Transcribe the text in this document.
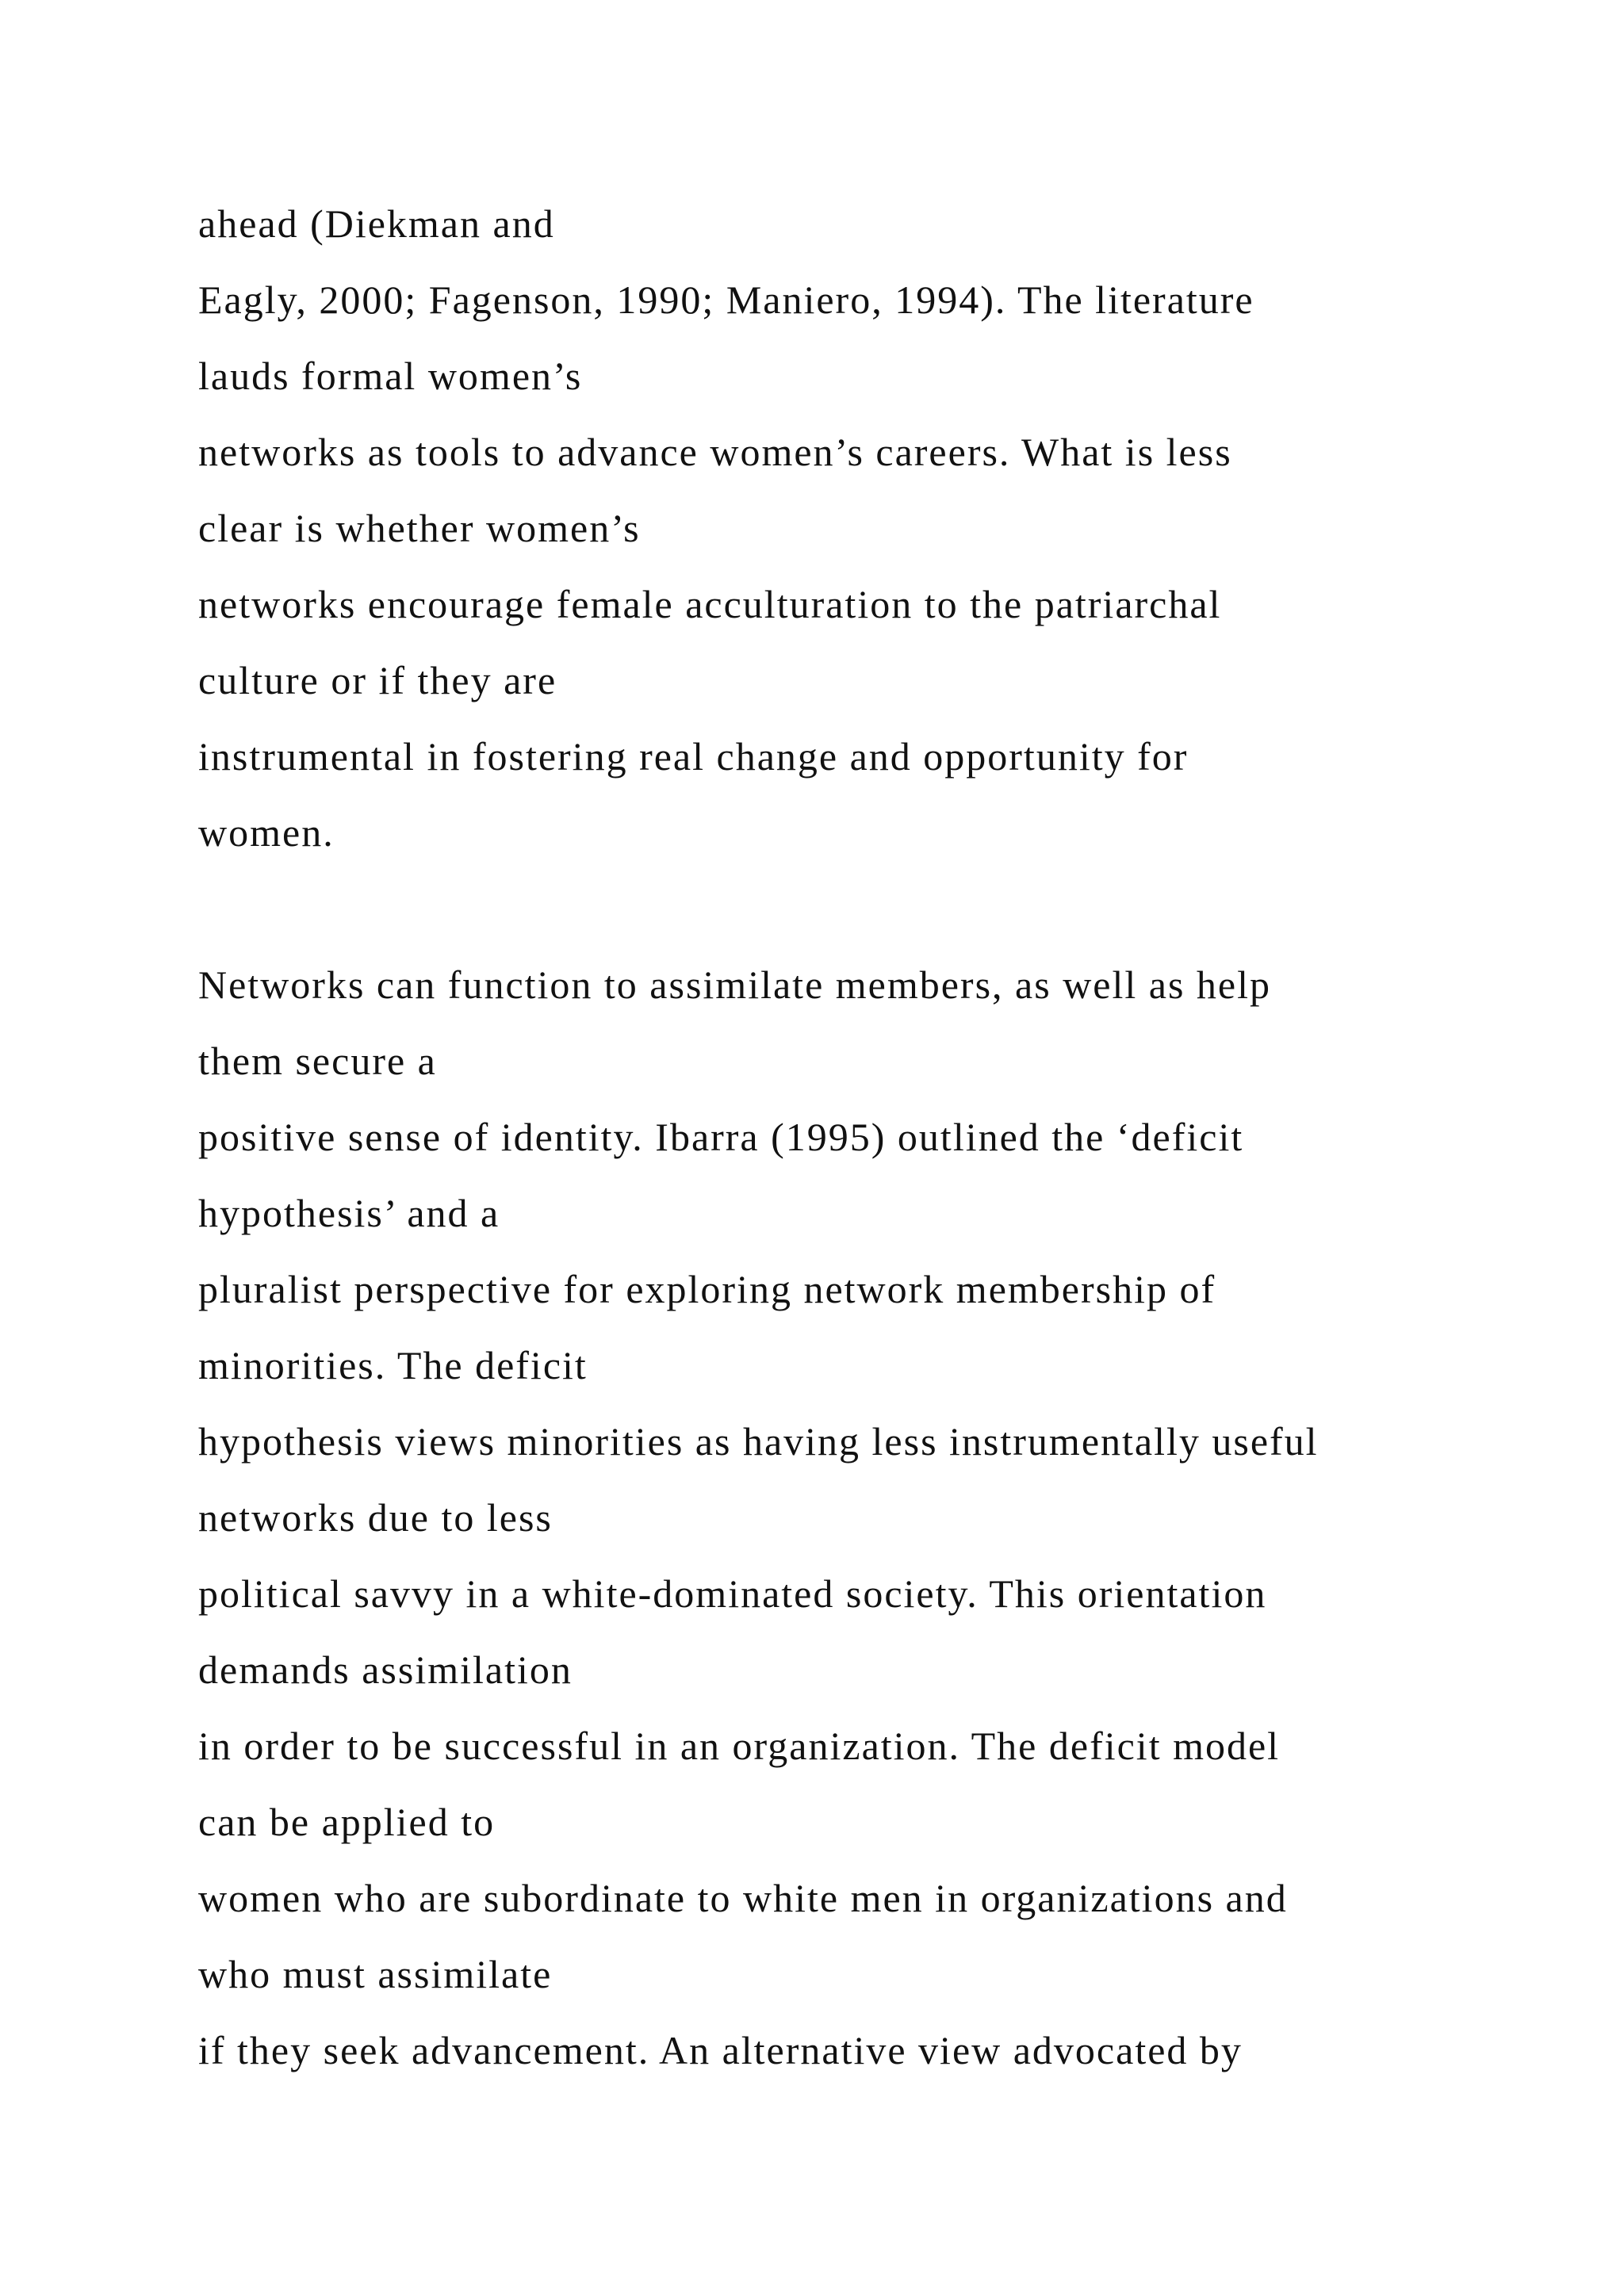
ahead (Diekman and
Eagly, 2000; Fagenson, 1990; Maniero, 1994). The literature
lauds formal women’s
networks as tools to advance women’s careers. What is less
clear is whether women’s
networks encourage female acculturation to the patriarchal
culture or if they are
instrumental in fostering real change and opportunity for
women.
Networks can function to assimilate members, as well as help
them secure a
positive sense of identity. Ibarra (1995) outlined the ‘deficit
hypothesis’ and a
pluralist perspective for exploring network membership of
minorities. The deficit
hypothesis views minorities as having less instrumentally useful
networks due to less
political savvy in a white-dominated society. This orientation
demands assimilation
in order to be successful in an organization. The deficit model
can be applied to
women who are subordinate to white men in organizations and
who must assimilate
if they seek advancement. An alternative view advocated by
